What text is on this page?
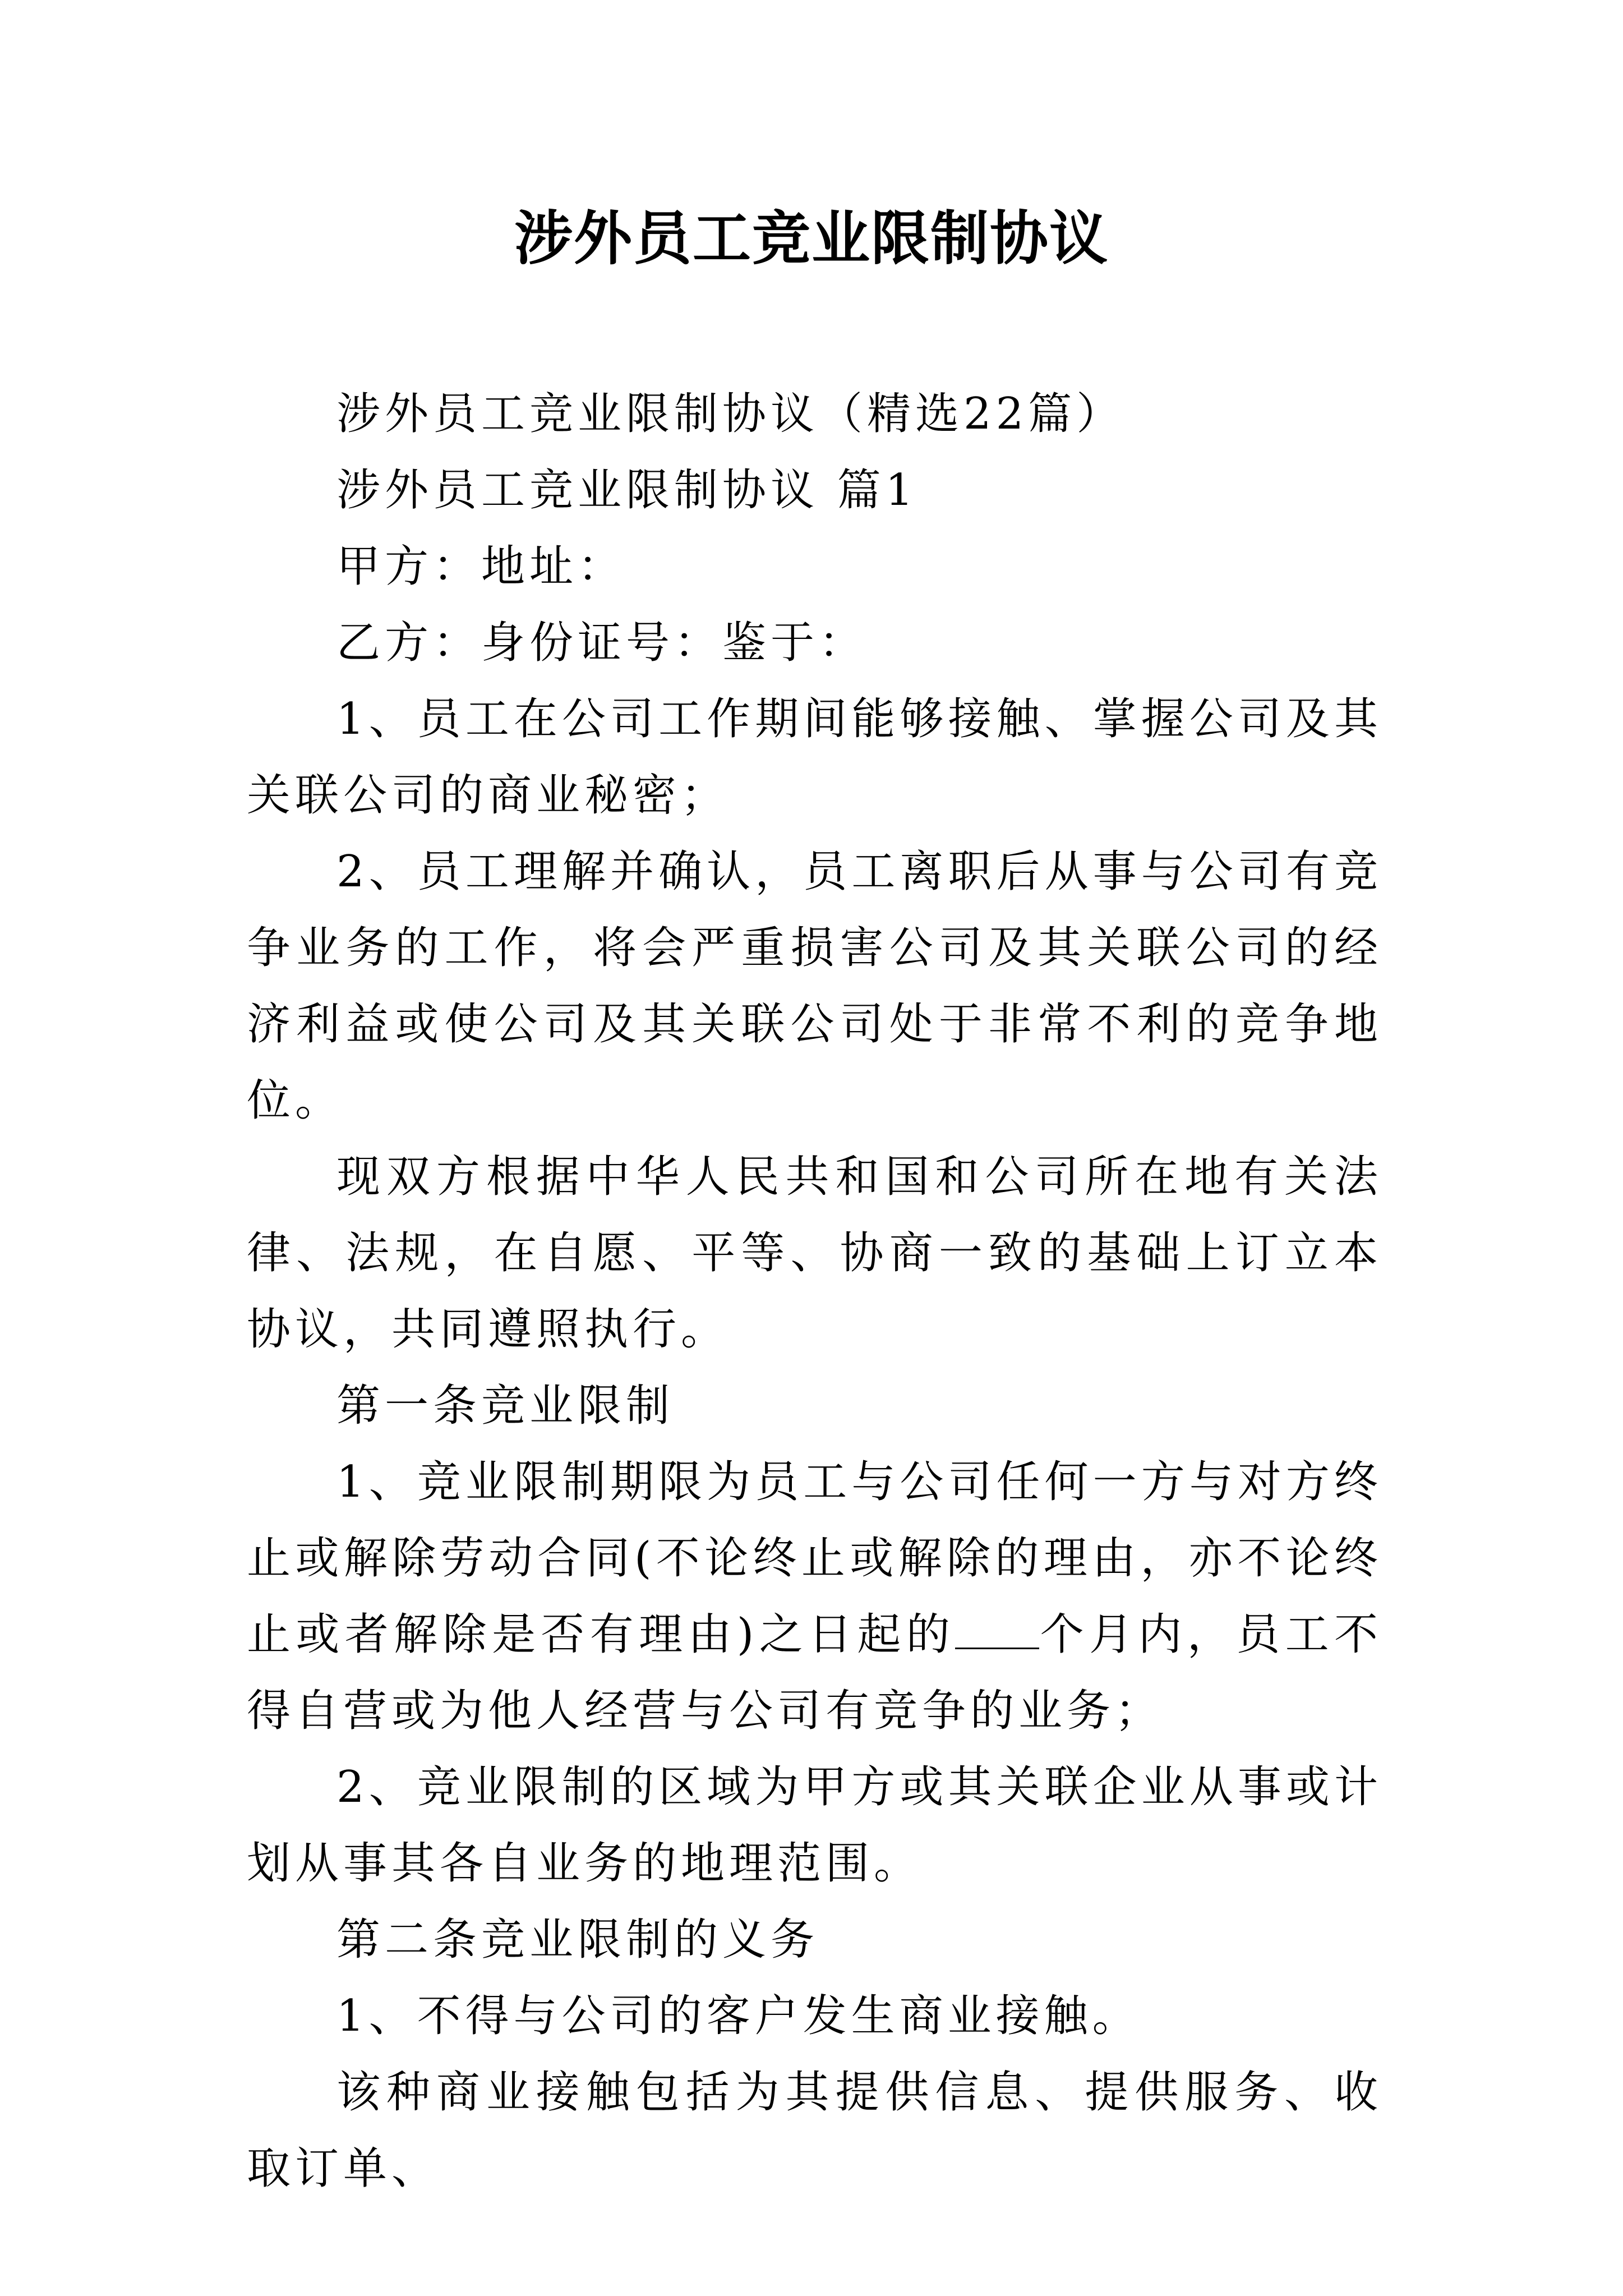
涉外员工竞业限制协议

涉外员工竞业限制协议（精选22篇）

涉外员工竞业限制协议 篇1

甲方：地址：

乙方：身份证号：鉴于：

1、员工在公司工作期间能够接触、掌握公司及其关联公司的商业秘密；

2、员工理解并确认，员工离职后从事与公司有竞争业务的工作，将会严重损害公司及其关联公司的经济利益或使公司及其关联公司处于非常不利的竞争地位。

现双方根据中华人民共和国和公司所在地有关法律、法规，在自愿、平等、协商一致的基础上订立本协议，共同遵照执行。

第一条竞业限制

1、竞业限制期限为员工与公司任何一方与对方终止或解除劳动合同(不论终止或解除的理由，亦不论终止或者解除是否有理由)之日起的 个月内，员工不得自营或为他人经营与公司有竞争的业务；

2、竞业限制的区域为甲方或其关联企业从事或计划从事其各自业务的地理范围。

第二条竞业限制的义务

1、不得与公司的客户发生商业接触。

该种商业接触包括为其提供信息、提供服务、收取订单、
